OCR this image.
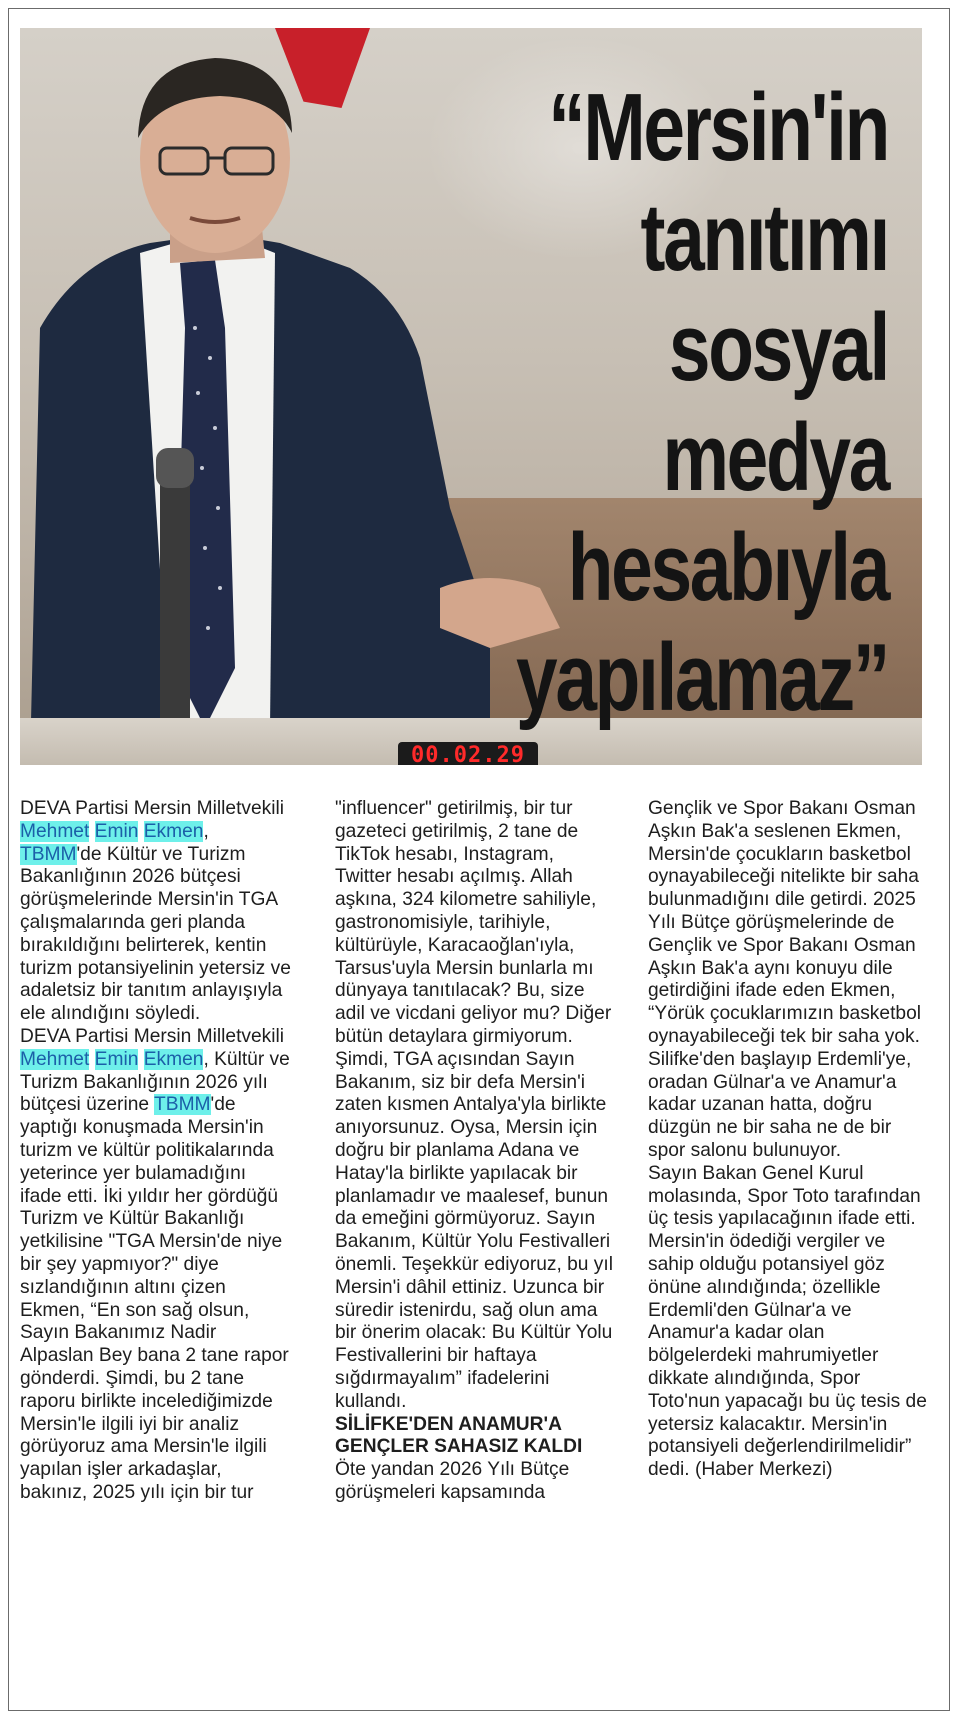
00.02.29
“Mersin'in
tanıtımı
sosyal
medya
hesabıyla
yapılamaz”

DEVA Partisi Mersin Milletvekili Mehmet Emin Ekmen, TBMM'de Kültür ve Turizm Bakanlığının 2026 bütçesi görüşmelerinde Mersin'in TGA çalışmalarında geri planda bırakıldığını belirterek, kentin turizm potansiyelinin yetersiz ve adaletsiz bir tanıtım anlayışıyla ele alındığını söyledi.

DEVA Partisi Mersin Milletvekili Mehmet Emin Ekmen, Kültür ve Turizm Bakanlığının 2026 yılı bütçesi üzerine TBMM'de yaptığı konuşmada Mersin'in turizm ve kültür politikalarında yeterince yer bulamadığını ifade etti. İki yıldır her gördüğü Turizm ve Kültür Bakanlığı yetkilisine "TGA Mersin'de niye bir şey yapmıyor?" diye sızlandığının altını çizen Ekmen, “En son sağ olsun, Sayın Bakanımız Nadir Alpaslan Bey bana 2 tane rapor gönderdi. Şimdi, bu 2 tane raporu birlikte incelediğimizde Mersin'le ilgili iyi bir analiz görüyoruz ama Mersin'le ilgili yapılan işler arkadaşlar, bakınız, 2025 yılı için bir tur

"influencer" getirilmiş, bir tur gazeteci getirilmiş, 2 tane de TikTok hesabı, Instagram, Twitter hesabı açılmış. Allah aşkına, 324 kilometre sahiliyle, gastronomisiyle, tarihiyle, kültürüyle, Karacaoğlan'ıyla, Tarsus'uyla Mersin bunlarla mı dünyaya tanıtılacak? Bu, size adil ve vicdani geliyor mu? Diğer bütün detaylara girmiyorum. Şimdi, TGA açısından Sayın Bakanım, siz bir defa Mersin'i zaten kısmen Antalya'yla birlikte anıyorsunuz. Oysa, Mersin için doğru bir planlama Adana ve Hatay'la birlikte yapılacak bir planlamadır ve maalesef, bunun da emeğini görmüyoruz. Sayın Bakanım, Kültür Yolu Festivalleri önemli. Teşekkür ediyoruz, bu yıl Mersin'i dâhil ettiniz. Uzunca bir süredir istenirdu, sağ olun ama bir önerim olacak: Bu Kültür Yolu Festivallerini bir haftaya sığdırmayalım” ifadelerini kullandı.

SİLİFKE'DEN ANAMUR'A GENÇLER SAHASIZ KALDI

Öte yandan 2026 Yılı Bütçe görüşmeleri kapsamında

Gençlik ve Spor Bakanı Osman Aşkın Bak'a seslenen Ekmen, Mersin'de çocukların basketbol oynayabileceği nitelikte bir saha bulunmadığını dile getirdi. 2025 Yılı Bütçe görüşmelerinde de Gençlik ve Spor Bakanı Osman Aşkın Bak'a aynı konuyu dile getirdiğini ifade eden Ekmen, “Yörük çocuklarımızın basketbol oynayabileceği tek bir saha yok. Silifke'den başlayıp Erdemli'ye, oradan Gülnar'a ve Anamur'a kadar uzanan hatta, doğru düzgün ne bir saha ne de bir spor salonu bulunuyor.

Sayın Bakan Genel Kurul molasında, Spor Toto tarafından üç tesis yapılacağının ifade etti. Mersin'in ödediği vergiler ve sahip olduğu potansiyel göz önüne alındığında; özellikle Erdemli'den Gülnar'a ve Anamur'a kadar olan bölgelerdeki mahrumiyetler dikkate alındığında, Spor Toto'nun yapacağı bu üç tesis de yetersiz kalacaktır. Mersin'in potansiyeli değerlendirilmelidir” dedi. (Haber Merkezi)
